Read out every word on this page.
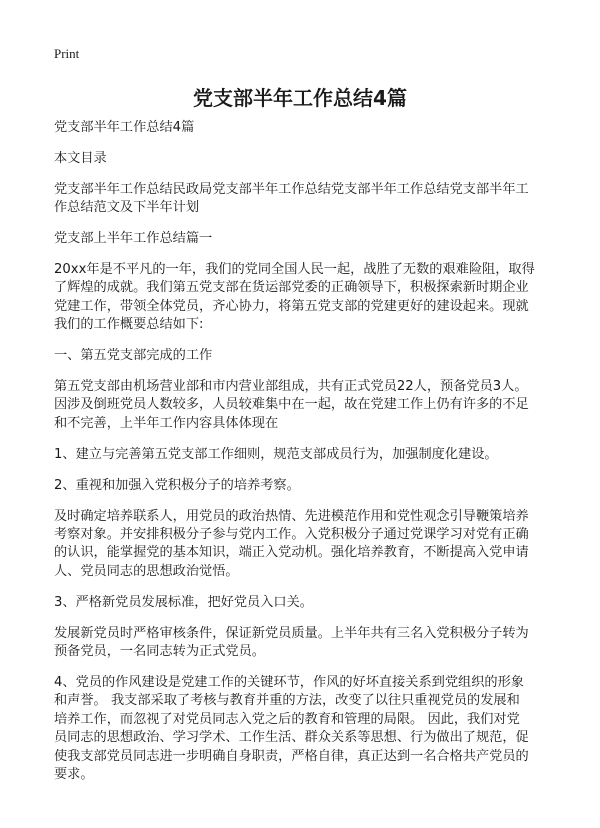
Print
党支部半年工作总结4篇

党支部半年工作总结4篇

本文目录

党支部半年工作总结民政局党支部半年工作总结党支部半年工作总结党支部半年工
作总结范文及下半年计划

党支部上半年工作总结篇一

20xx年是不平凡的一年，我们的党同全国人民一起，战胜了无数的艰难险阻，取得
了辉煌的成就。我们第五党支部在货运部党委的正确领导下，积极探索新时期企业
党建工作，带领全体党员，齐心协力，将第五党支部的党建更好的建设起来。现就
我们的工作概要总结如下:

一、第五党支部完成的工作

第五党支部由机场营业部和市内营业部组成，共有正式党员22人，预备党员3人。
因涉及倒班党员人数较多，人员较难集中在一起，故在党建工作上仍有许多的不足
和不完善，上半年工作内容具体体现在

1、建立与完善第五党支部工作细则，规范支部成员行为，加强制度化建设。

2、重视和加强入党积极分子的培养考察。

及时确定培养联系人，用党员的政治热情、先进模范作用和党性观念引导鞭策培养
考察对象。并安排积极分子参与党内工作。入党积极分子通过党课学习对党有正确
的认识，能掌握党的基本知识，端正入党动机。强化培养教育，不断提高入党申请
人、党员同志的思想政治觉悟。

3、严格新党员发展标准，把好党员入口关。

发展新党员时严格审核条件，保证新党员质量。上半年共有三名入党积极分子转为
预备党员，一名同志转为正式党员。

4、党员的作风建设是党建工作的关键环节，作风的好坏直接关系到党组织的形象
和声誉。 我支部采取了考核与教育并重的方法，改变了以往只重视党员的发展和
培养工作，而忽视了对党员同志入党之后的教育和管理的局限。 因此，我们对党
员同志的思想政治、学习学术、工作生活、群众关系等思想、行为做出了规范，促
使我支部党员同志进一步明确自身职责，严格自律，真正达到一名合格共产党员的
要求。
